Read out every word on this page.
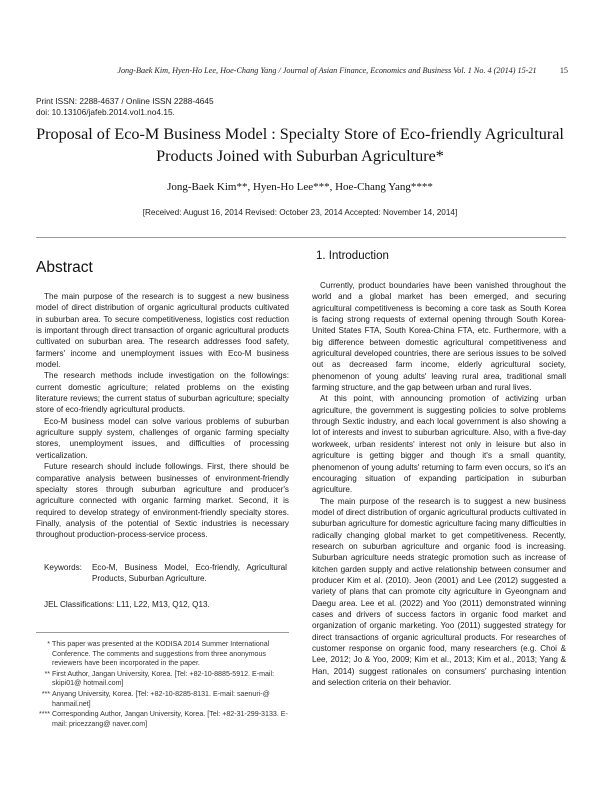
Jong-Baek Kim, Hyen-Ho Lee, Hoe-Chang Yang / Journal of Asian Finance, Economics and Business Vol. 1 No. 4 (2014) 15-21	15
Print ISSN: 2288-4637 / Online ISSN 2288-4645
doi: 10.13106/jafeb.2014.vol1.no4.15.
Proposal of Eco-M Business Model : Specialty Store of Eco-friendly Agricultural
Products Joined with Suburban Agriculture*
Jong-Baek Kim**, Hyen-Ho Lee***, Hoe-Chang Yang****
[Received: August 16, 2014 Revised: October 23, 2014 Accepted: November 14, 2014]
Abstract

The main purpose of the research is to suggest a new business model of direct distribution of organic agricultural products cultivated in suburban area. To secure competitiveness, logistics cost reduction is important through direct transaction of organic agricultural products cultivated on suburban area. The research addresses food safety, farmers' income and unemployment issues with Eco-M business model.

The research methods include investigation on the followings: current domestic agriculture; related problems on the existing literature reviews; the current status of suburban agriculture; specialty store of eco-friendly agricultural products.

Eco-M business model can solve various problems of suburban agriculture supply system, challenges of organic farming specialty stores, unemployment issues, and difficulties of processing verticalization.

Future research should include followings. First, there should be comparative analysis between businesses of environment-friendly specialty stores through suburban agriculture and producer's agriculture connected with organic farming market. Second, it is required to develop strategy of environment-friendly specialty stores. Finally, analysis of the potential of Sextic industries is necessary throughout production-process-service process.

Keywords: Eco-M, Business Model, Eco-friendly, Agricultural Products, Suburban Agriculture.
JEL Classifications: L11, L22, M13, Q12, Q13.
* This paper was presented at the KODISA 2014 Summer International Conference. The comments and suggestions from three anonymous reviewers have been incorporated in the paper.
** First Author, Jangan University, Korea. [Tel: +82-10-8885-5912. E-mail: skipi01@ hotmail.com]
*** Anyang University, Korea. [Tel: +82-10-8285-8131. E-mail: saenuri-@ hanmail.net]
**** Corresponding Author, Jangan University, Korea. [Tel: +82-31-299-3133. E-mail: pricezzang@ naver.com]
1. Introduction

Currently, product boundaries have been vanished throughout the world and a global market has been emerged, and securing agricultural competitiveness is becoming a core task as South Korea is facing strong requests of external opening through South Korea-United States FTA, South Korea-China FTA, etc. Furthermore, with a big difference between domestic agricultural competitiveness and agricultural developed countries, there are serious issues to be solved out as decreased farm income, elderly agricultural society, phenomenon of young adults' leaving rural area, traditional small farming structure, and the gap between urban and rural lives.

At this point, with announcing promotion of activizing urban agriculture, the government is suggesting policies to solve problems through Sextic industry, and each local government is also showing a lot of interests and invest to suburban agriculture. Also, with a five-day workweek, urban residents' interest not only in leisure but also in agriculture is getting bigger and though it's a small quantity, phenomenon of young adults' returning to farm even occurs, so it's an encouraging situation of expanding participation in suburban agriculture.

The main purpose of the research is to suggest a new business model of direct distribution of organic agricultural products cultivated in suburban agriculture for domestic agriculture facing many difficulties in radically changing global market to get competitiveness. Recently, research on suburban agriculture and organic food is increasing. Suburban agriculture needs strategic promotion such as increase of kitchen garden supply and active relationship between consumer and producer Kim et al. (2010). Jeon (2001) and Lee (2012) suggested a variety of plans that can promote city agriculture in Gyeongnam and Daegu area. Lee et al. (2022) and Yoo (2011) demonstrated winning cases and drivers of success factors in organic food market and organization of organic marketing. Yoo (2011) suggested strategy for direct transactions of organic agricultural products. For researches of customer response on organic food, many researchers (e.g. Choi & Lee, 2012; Jo & Yoo, 2009; Kim et al., 2013; Kim et al., 2013; Yang & Han, 2014) suggest rationales on consumers' purchasing intention and selection criteria on their behavior.
